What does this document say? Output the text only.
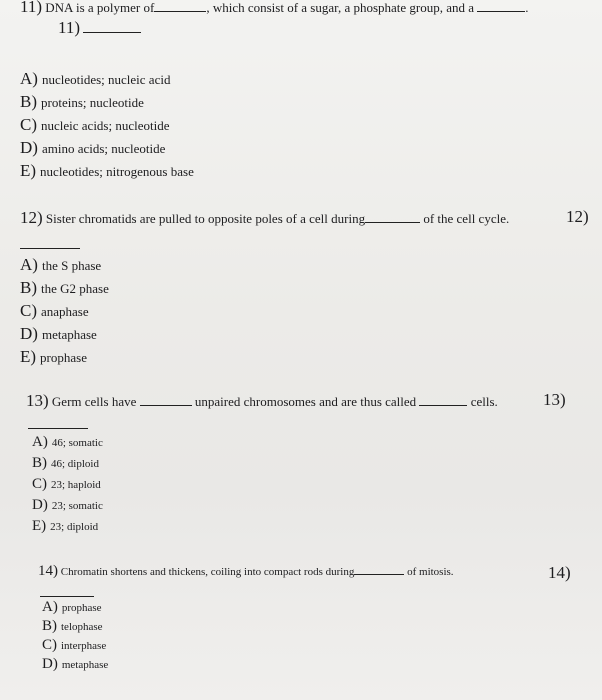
11) DNA is a polymer of	, which consist of a sugar, a phosphate group, and a	.
11)
A) nucleotides; nucleic acid
B) proteins; nucleotide
C) nucleic acids; nucleotide
D) amino acids; nucleotide
E) nucleotides; nitrogenous base
12) Sister chromatids are pulled to opposite poles of a cell during	of the cell cycle.	12)
A) the S phase
B) the G2 phase
C) anaphase
D) metaphase
E) prophase
13) Germ cells have	unpaired chromosomes and are thus called	cells.	13)
A) 46; somatic
B) 46; diploid
C) 23; haploid
D) 23; somatic
E) 23; diploid
14) Chromatin shortens and thickens, coiling into compact rods during	of mitosis.	14)
A) prophase
B) telophase
C) interphase
D) metaphase
